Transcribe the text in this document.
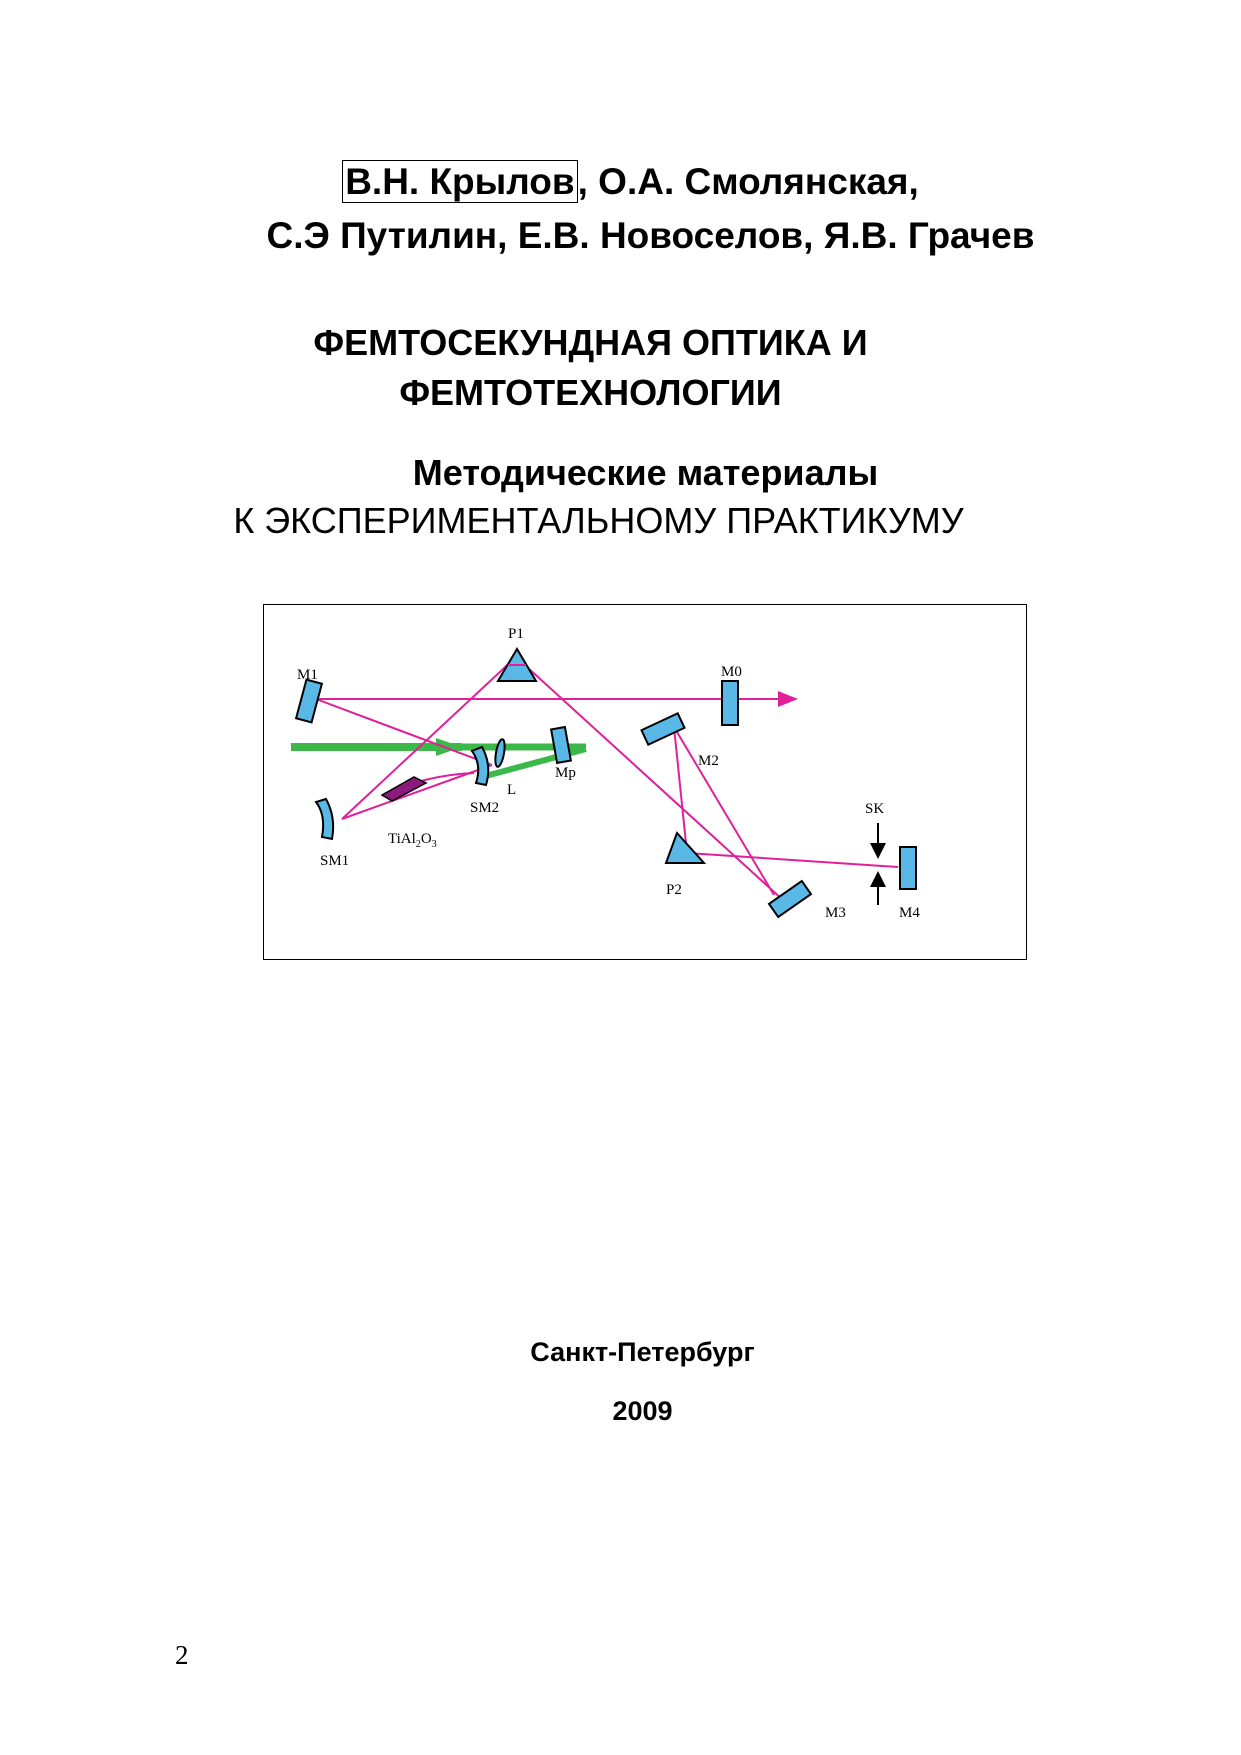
В.Н. Крылов, О.А. Смолянская,
С.Э Путилин, Е.В. Новоселов, Я.В. Грачев
ФЕМТОСЕКУНДНАЯ ОПТИКА И
ФЕМТОТЕХНОЛОГИИ
Методические материалы
К ЭКСПЕРИМЕНТАЛЬНОМУ ПРАКТИКУМУ
P1
M1	M0
M2
L
Mp
SM2
SM1
$TiAl_2O_3$
SK
P2
M3	M4
Санкт-Петербург
2009
2
